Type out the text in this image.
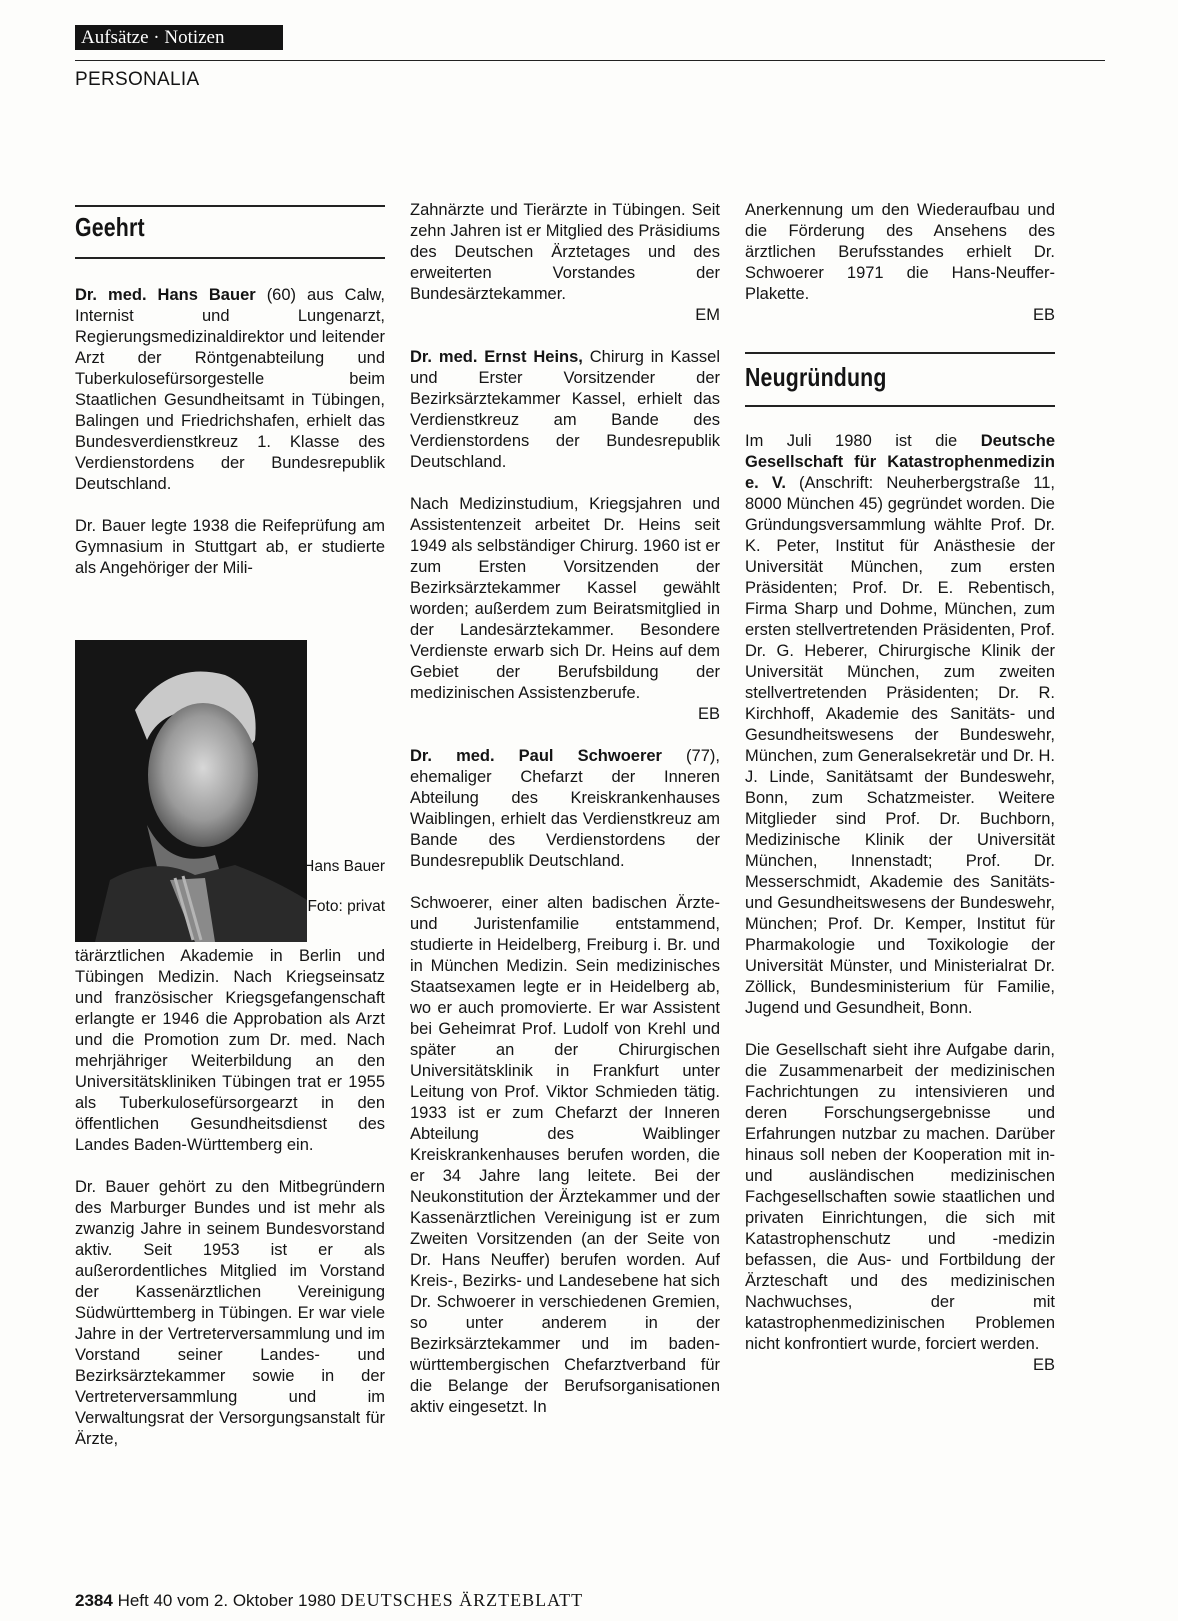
Aufsätze · Notizen
PERSONALIA
Geehrt

Dr. med. Hans Bauer (60) aus Calw, Internist und Lungenarzt, Regierungsmedizinaldirektor und leitender Arzt der Röntgenabteilung und Tuberkulosefürsorgestelle beim Staatlichen Gesundheitsamt in Tübingen, Balingen und Friedrichshafen, erhielt das Bundesverdienstkreuz 1. Klasse des Verdienstordens der Bundesrepublik Deutschland.

Dr. Bauer legte 1938 die Reifeprüfung am Gymnasium in Stuttgart ab, er studierte als Angehöriger der Mili-

Hans Bauer
Foto: privat

tärärztlichen Akademie in Berlin und Tübingen Medizin. Nach Kriegseinsatz und französischer Kriegsgefangenschaft erlangte er 1946 die Approbation als Arzt und die Promotion zum Dr. med. Nach mehrjähriger Weiterbildung an den Universitätskliniken Tübingen trat er 1955 als Tuberkulosefürsorgearzt in den öffentlichen Gesundheitsdienst des Landes Baden-Württemberg ein.

Dr. Bauer gehört zu den Mitbegründern des Marburger Bundes und ist mehr als zwanzig Jahre in seinem Bundesvorstand aktiv. Seit 1953 ist er als außerordentliches Mitglied im Vorstand der Kassenärztlichen Vereinigung Südwürttemberg in Tübingen. Er war viele Jahre in der Vertreterversammlung und im Vorstand seiner Landes- und Bezirksärztekammer sowie in der Vertreterversammlung und im Verwaltungsrat der Versorgungsanstalt für Ärzte,

Zahnärzte und Tierärzte in Tübingen. Seit zehn Jahren ist er Mitglied des Präsidiums des Deutschen Ärztetages und des erweiterten Vorstandes der Bundesärztekammer.

EM

Dr. med. Ernst Heins, Chirurg in Kassel und Erster Vorsitzender der Bezirksärztekammer Kassel, erhielt das Verdienstkreuz am Bande des Verdienstordens der Bundesrepublik Deutschland.

Nach Medizinstudium, Kriegsjahren und Assistentenzeit arbeitet Dr. Heins seit 1949 als selbständiger Chirurg. 1960 ist er zum Ersten Vorsitzenden der Bezirksärztekammer Kassel gewählt worden; außerdem zum Beiratsmitglied in der Landesärztekammer. Besondere Verdienste erwarb sich Dr. Heins auf dem Gebiet der Berufsbildung der medizinischen Assistenzberufe.

EB

Dr. med. Paul Schwoerer (77), ehemaliger Chefarzt der Inneren Abteilung des Kreiskrankenhauses Waiblingen, erhielt das Verdienstkreuz am Bande des Verdienstordens der Bundesrepublik Deutschland.

Schwoerer, einer alten badischen Ärzte- und Juristenfamilie entstammend, studierte in Heidelberg, Freiburg i. Br. und in München Medizin. Sein medizinisches Staatsexamen legte er in Heidelberg ab, wo er auch promovierte. Er war Assistent bei Geheimrat Prof. Ludolf von Krehl und später an der Chirurgischen Universitätsklinik in Frankfurt unter Leitung von Prof. Viktor Schmieden tätig. 1933 ist er zum Chefarzt der Inneren Abteilung des Waiblinger Kreiskrankenhauses berufen worden, die er 34 Jahre lang leitete. Bei der Neukonstitution der Ärztekammer und der Kassenärztlichen Vereinigung ist er zum Zweiten Vorsitzenden (an der Seite von Dr. Hans Neuffer) berufen worden. Auf Kreis-, Bezirks- und Landesebene hat sich Dr. Schwoerer in verschiedenen Gremien, so unter anderem in der Bezirksärztekammer und im baden-württembergischen Chefarztverband für die Belange der Berufsorganisationen aktiv eingesetzt. In

Anerkennung um den Wiederaufbau und die Förderung des Ansehens des ärztlichen Berufsstandes erhielt Dr. Schwoerer 1971 die Hans-Neuffer-Plakette.

EB

Neugründung

Im Juli 1980 ist die Deutsche Gesellschaft für Katastrophenmedizin e. V. (Anschrift: Neuherbergstraße 11, 8000 München 45) gegründet worden. Die Gründungsversammlung wählte Prof. Dr. K. Peter, Institut für Anästhesie der Universität München, zum ersten Präsidenten; Prof. Dr. E. Rebentisch, Firma Sharp und Dohme, München, zum ersten stellvertretenden Präsidenten, Prof. Dr. G. Heberer, Chirurgische Klinik der Universität München, zum zweiten stellvertretenden Präsidenten; Dr. R. Kirchhoff, Akademie des Sanitäts- und Gesundheitswesens der Bundeswehr, München, zum Generalsekretär und Dr. H. J. Linde, Sanitätsamt der Bundeswehr, Bonn, zum Schatzmeister. Weitere Mitglieder sind Prof. Dr. Buchborn, Medizinische Klinik der Universität München, Innenstadt; Prof. Dr. Messerschmidt, Akademie des Sanitäts- und Gesundheitswesens der Bundeswehr, München; Prof. Dr. Kemper, Institut für Pharmakologie und Toxikologie der Universität Münster, und Ministerialrat Dr. Zöllick, Bundesministerium für Familie, Jugend und Gesundheit, Bonn.

Die Gesellschaft sieht ihre Aufgabe darin, die Zusammenarbeit der medizinischen Fachrichtungen zu intensivieren und deren Forschungsergebnisse und Erfahrungen nutzbar zu machen. Darüber hinaus soll neben der Kooperation mit in- und ausländischen medizinischen Fachgesellschaften sowie staatlichen und privaten Einrichtungen, die sich mit Katastrophenschutz und -medizin befassen, die Aus- und Fortbildung der Ärzteschaft und des medizinischen Nachwuchses, der mit katastrophenmedizinischen Problemen nicht konfrontiert wurde, forciert werden.

EB

2384 Heft 40 vom 2. Oktober 1980 DEUTSCHES ÄRZTEBLATT
